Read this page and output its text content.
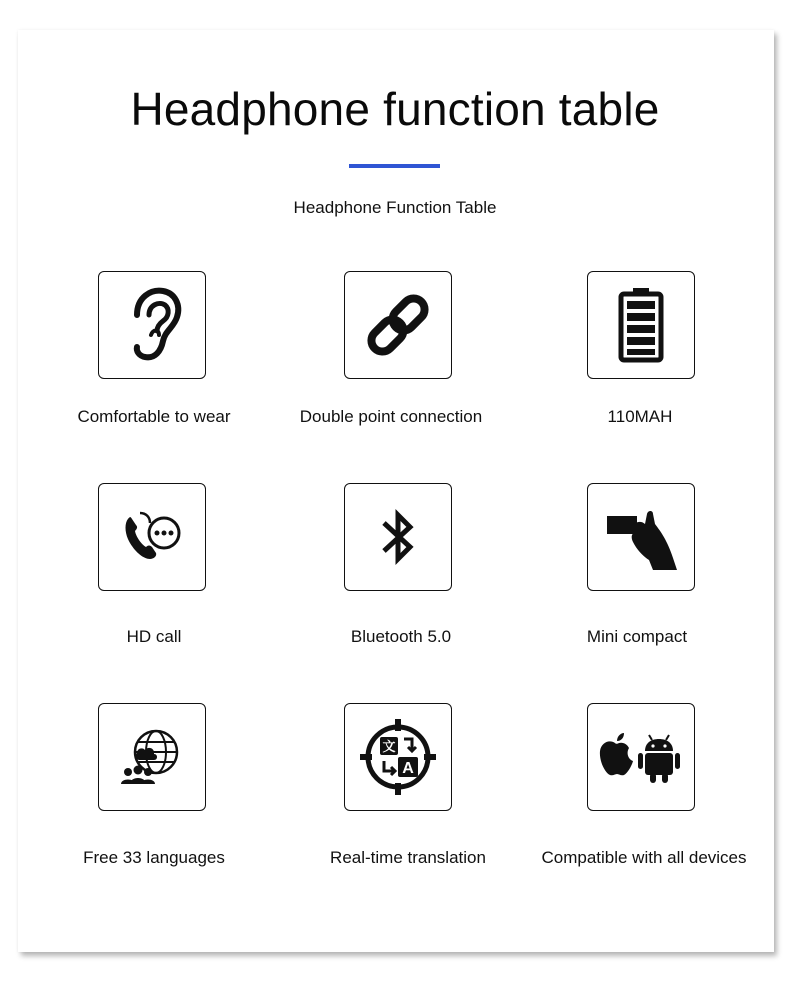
Headphone function table
Headphone Function Table
Comfortable to wear	Double point connection	110MAH
HD call	Bluetooth 5.0	Mini compact
Free 33 languages
文
A
Real-time translation	Compatible with all devices
